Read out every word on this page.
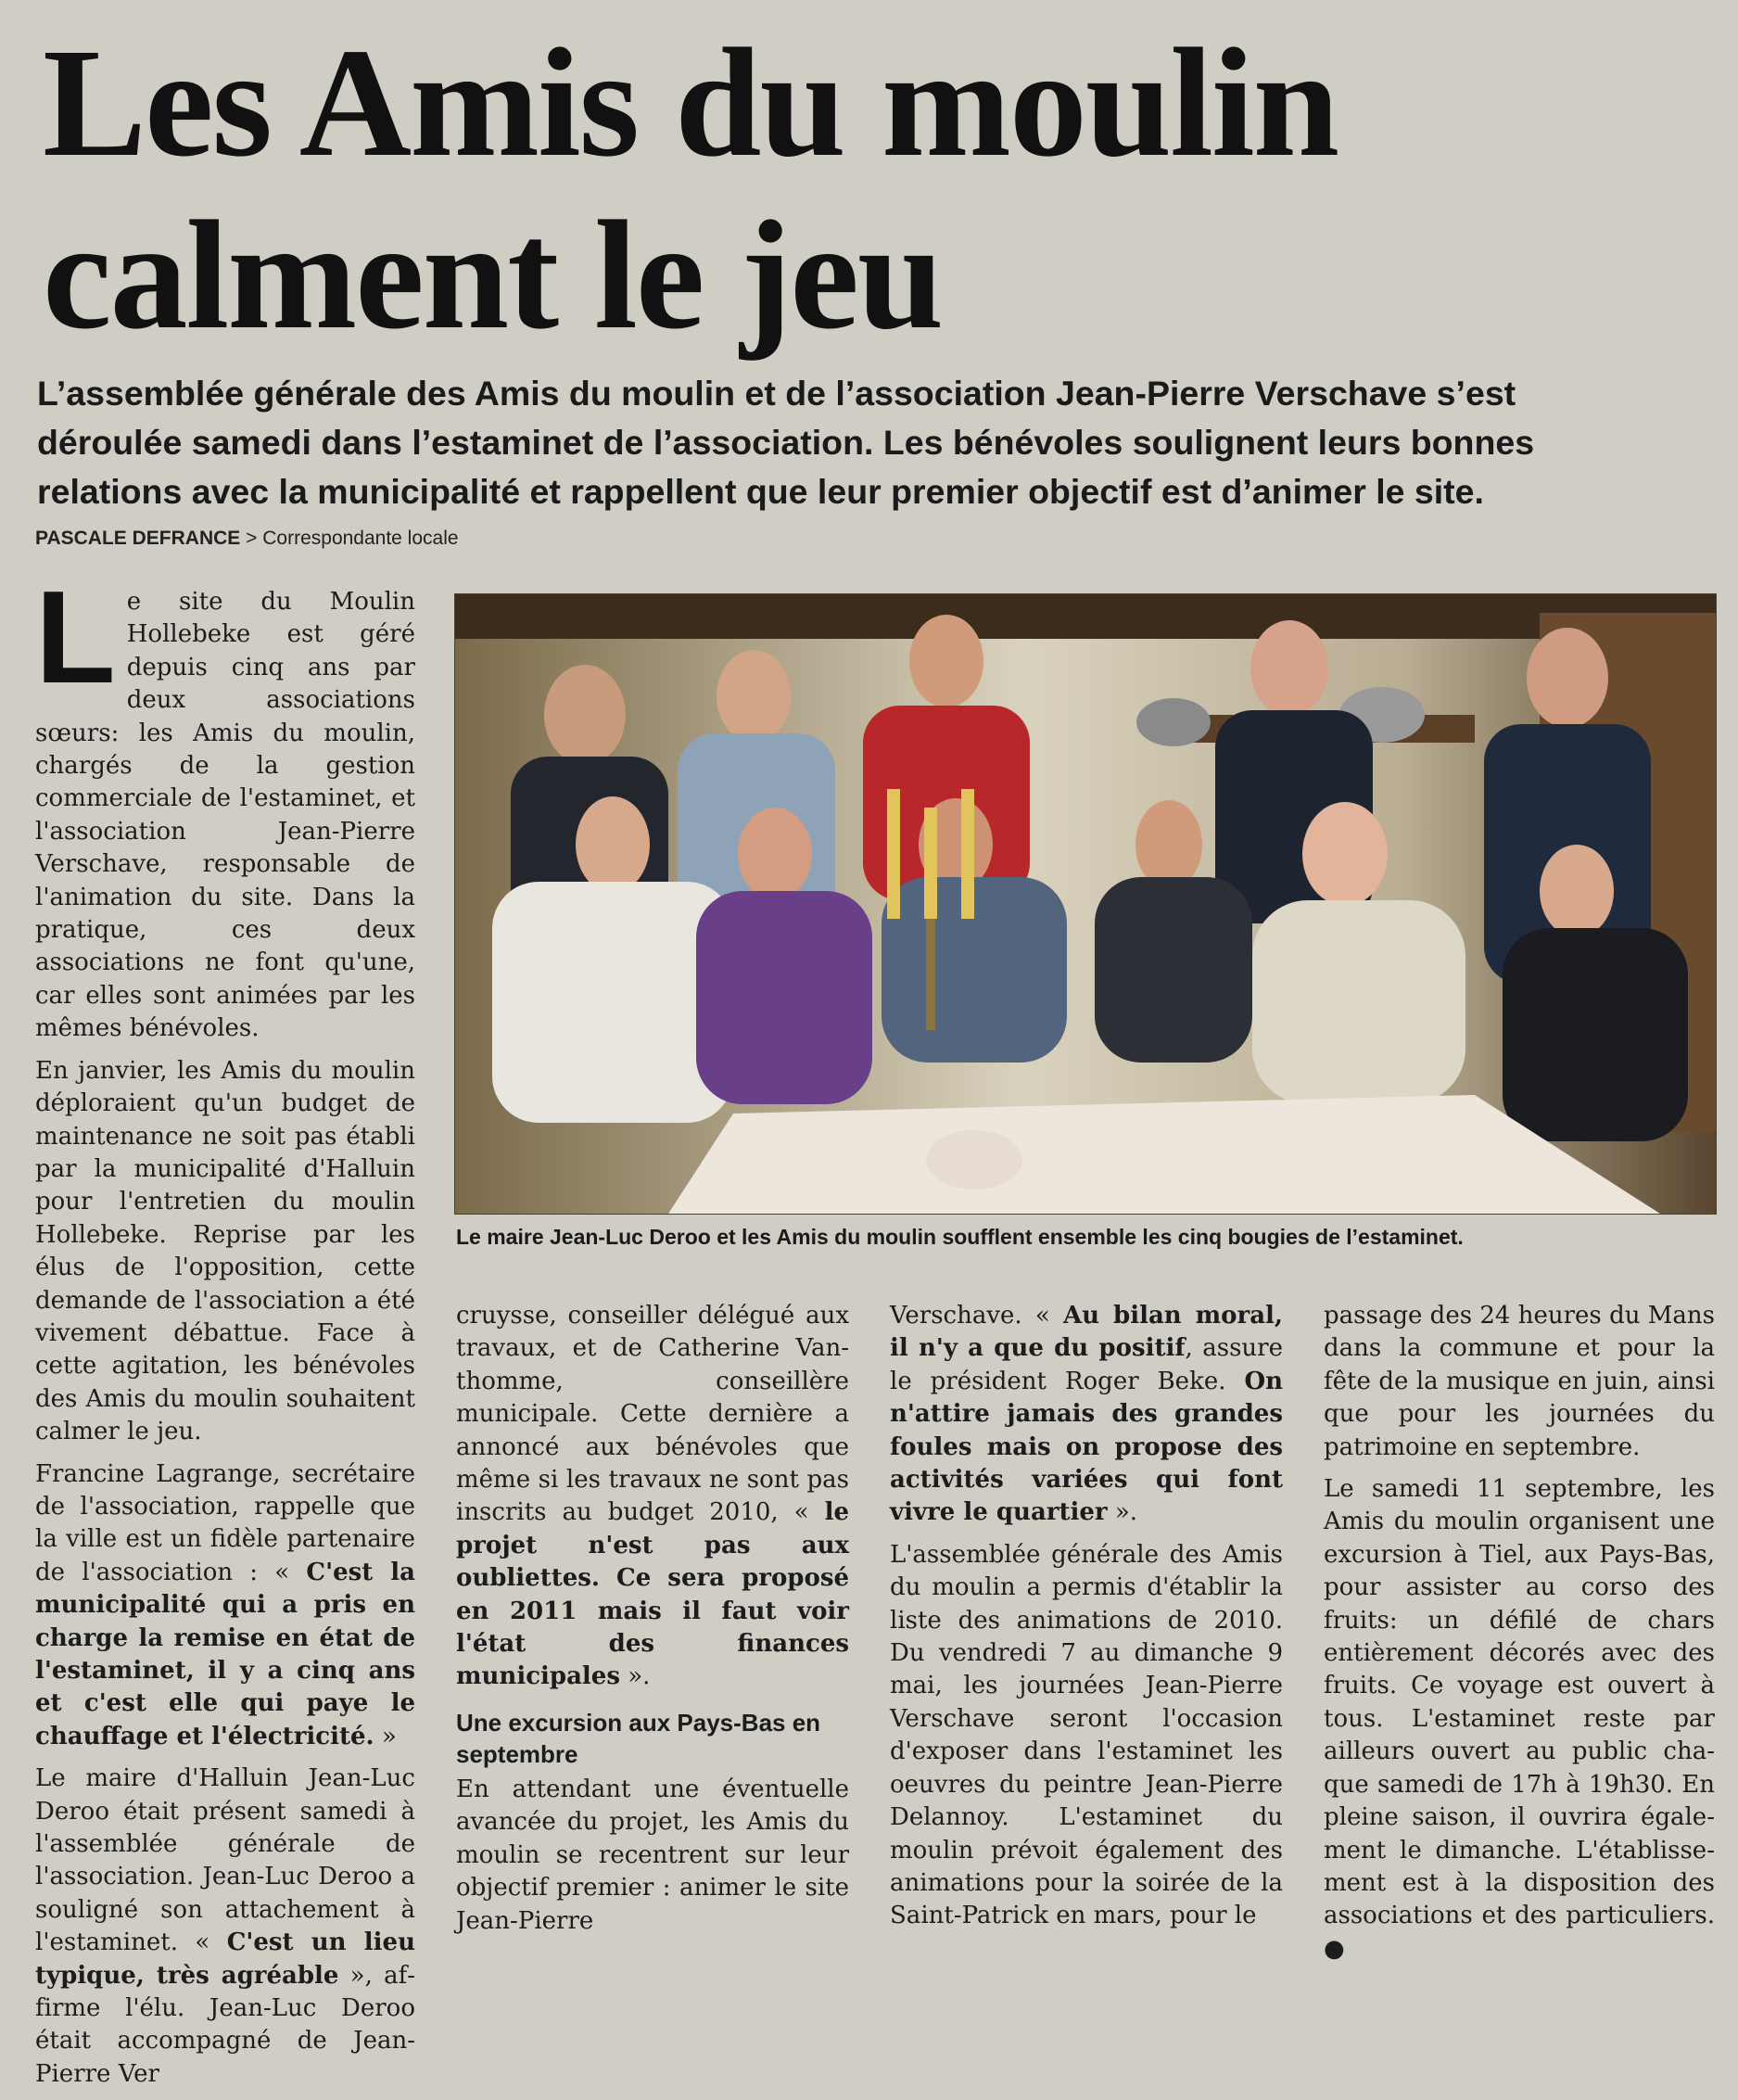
Les Amis du moulin
calment le jeu
L’assemblée générale des Amis du moulin et de l’association Jean-Pierre Verschave s’est
déroulée samedi dans l’estaminet de l’association. Les bénévoles soulignent leurs bonnes
relations avec la municipalité et rappellent que leur premier objectif est d’animer le site.
PASCALE DEFRANCE > Correspondante locale

Le site du Moulin Hollebeke est géré depuis cinq ans par deux associations sœurs: les Amis du moulin, chargés de la gestion commerciale de l'estaminet, et l'association Jean-Pierre Verschave, responsable de l'animation du site. Dans la pratique, ces deux associations ne font qu'une, car elles sont animées par les mêmes bénévoles.

En janvier, les Amis du moulin déploraient qu'un budget de maintenance ne soit pas établi par la municipalité d'Halluin pour l'entretien du moulin Hollebeke. Reprise par les élus de l'opposition, cette demande de l'association a été vivement débattue. Face à cette agitation, les bénévoles des Amis du moulin souhaitent calmer le jeu.

Francine Lagrange, secrétaire de l'association, rappelle que la ville est un fidèle partenaire de l'association : « C'est la municipalité qui a pris en charge la remise en état de l'estaminet, il y a cinq ans et c'est elle qui paye le chauffage et l'électricité. »

Le maire d'Halluin Jean-Luc Deroo était présent samedi à l'assemblée générale de l'association. Jean-Luc Deroo a souligné son attachement à l'estaminet. « C'est un lieu typique, très agréable », affirme l'élu. Jean-Luc Deroo était accompagné de Jean-Pierre Ver

Le maire Jean-Luc Deroo et les Amis du moulin soufflent ensemble les cinq bougies de l’estaminet.

cruysse, conseiller délégué aux travaux, et de Catherine Vanthomme, conseillère municipale. Cette dernière a annoncé aux bénévoles que même si les travaux ne sont pas inscrits au budget 2010, « le projet n'est pas aux oubliettes. Ce sera proposé en 2011 mais il faut voir l'état des finances municipales ».

Une excursion aux Pays-Bas en septembre

En attendant une éventuelle avancée du projet, les Amis du moulin se recentrent sur leur objectif premier : animer le site Jean-Pierre

Verschave. « Au bilan moral, il n'y a que du positif, assure le président Roger Beke. On n'attire jamais des grandes foules mais on propose des activités variées qui font vivre le quartier ».

L'assemblée générale des Amis du moulin a permis d'établir la liste des animations de 2010. Du vendredi 7 au dimanche 9 mai, les journées Jean-Pierre Verschave seront l'occasion d'exposer dans l'estaminet les oeuvres du peintre Jean-Pierre Delannoy. L'estaminet du moulin prévoit également des animations pour la soirée de la Saint-Patrick en mars, pour le

passage des 24 heures du Mans dans la commune et pour la fête de la musique en juin, ainsi que pour les journées du patrimoine en septembre.

Le samedi 11 septembre, les Amis du moulin organisent une excursion à Tiel, aux Pays-Bas, pour assister au corso des fruits: un défilé de chars entièrement décorés avec des fruits. Ce voyage est ouvert à tous. L'estaminet reste par ailleurs ouvert au public chaque samedi de 17h à 19h30. En pleine saison, il ouvrira également le dimanche. L'établissement est à la disposition des associations et des particuliers. ●
